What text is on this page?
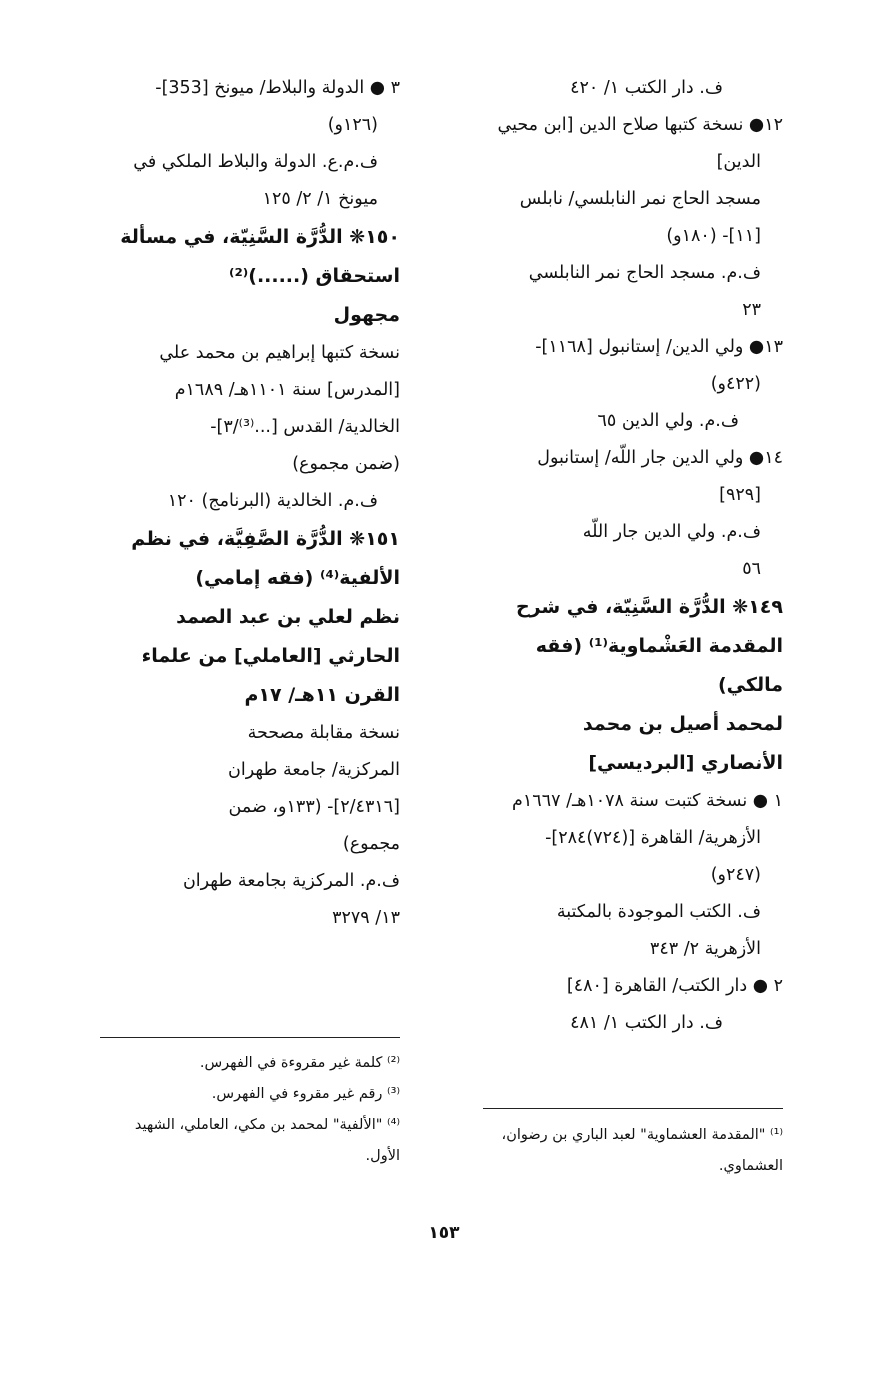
ف. دار الكتب ١/ ٤٢٠
١٢● نسخة كتبها صلاح الدين [ابن محيي
الدين]
مسجد الحاج نمر النابلسي/ نابلس
[١١]- (١٨٠و)
ف.م. مسجد الحاج نمر النابلسي
٢٣
١٣● ولي الدين/ إستانبول [١١٦٨]-
(٤٢٢و)
ف.م. ولي الدين ٦٥
١٤● ولي الدين جار اللّه/ إستانبول
[٩٢٩]
ف.م. ولي الدين جار اللّه
٥٦
١٤٩❋ الدُّرَّة السَّنِيّة، في شرح
المقدمة العَشْماوية⁽¹⁾ (فقه
مالكي)
لمحمد أصيل بن محمد
الأنصاري [البرديسي]
١ ● نسخة كتبت سنة ١٠٧٨هـ/ ١٦٦٧م
الأزهرية/ القاهرة [(٧٢٤)٢٨٤]-
(٢٤٧و)
ف. الكتب الموجودة بالمكتبة
الأزهرية ٢/ ٣٤٣
٢ ● دار الكتب/ القاهرة [٤٨٠]
ف. دار الكتب ١/ ٤٨١
٣ ● الدولة والبلاط/ ميونخ [353]-
(١٢٦و)
ف.م.ع. الدولة والبلاط الملكي في
ميونخ ١/ ٢/ ١٢٥
١٥٠❋ الدُّرَّة السَّنِيّة، في مسألة
استحقاق (......)⁽²⁾
مجهول
نسخة كتبها إبراهيم بن محمد علي
[المدرس] سنة ١١٠١هـ/ ١٦٨٩م
الخالدية/ القدس [...⁽³⁾/٣]-
(ضمن مجموع)
ف.م. الخالدية (البرنامج) ١٢٠
١٥١❋ الدُّرَّة الصَّفِيَّة، في نظم
الألفية⁽⁴⁾ (فقه إمامي)
نظم لعلي بن عبد الصمد
الحارثي [العاملي] من علماء
القرن ١١هـ/ ١٧م
نسخة مقابلة مصححة
المركزية/ جامعة طهران
[٢/٤٣١٦]- (١٣٣و، ضمن
مجموع)
ف.م. المركزية بجامعة طهران
١٣/ ٣٢٧٩
⁽²⁾ كلمة غير مقروءة في الفهرس.
⁽³⁾ رقم غير مقروء في الفهرس.
⁽⁴⁾ "الألفية" لمحمد بن مكي، العاملي، الشهيد
الأول.
⁽¹⁾ "المقدمة العشماوية" لعبد الباري بن رضوان،
العشماوي.
١٥٣
